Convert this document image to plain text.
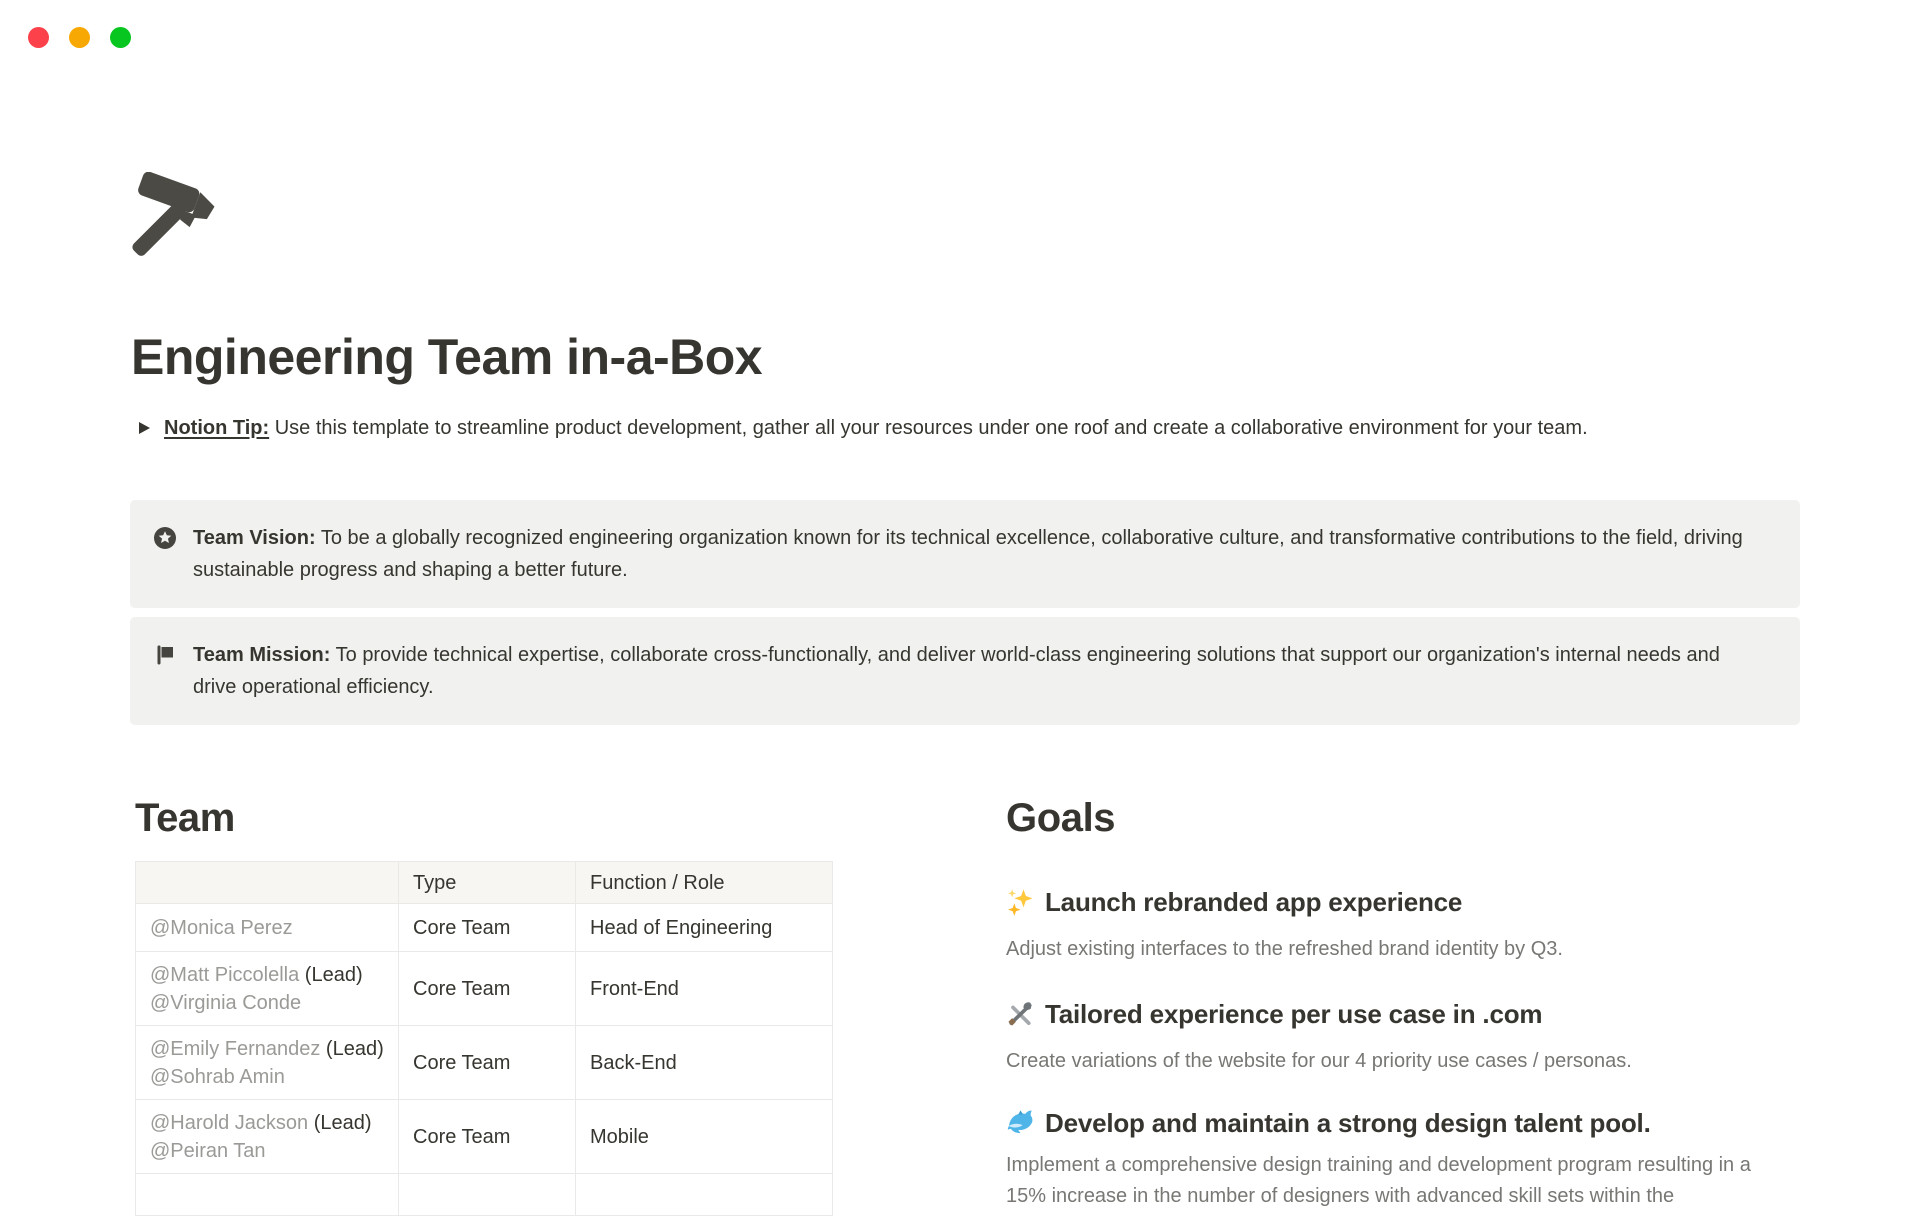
Engineering Team in-a-Box
Notion Tip: Use this template to streamline product development, gather all your resources under one roof and create a collaborative environment for your team.
Team Vision: To be a globally recognized engineering organization known for its technical excellence, collaborative culture, and transformative contributions to the field, driving sustainable progress and shaping a better future.
Team Mission: To provide technical expertise, collaborate cross-functionally, and deliver world-class engineering solutions that support our organization's internal needs and drive operational efficiency.
Team
	Type	Function / Role

@Monica Perez	Core Team	Head of Engineering

@Matt Piccolella (Lead)
@Virginia Conde	Core Team	Front-End

@Emily Fernandez (Lead)
@Sohrab Amin	Core Team	Back-End

@Harold Jackson (Lead)
@Peiran Tan	Core Team	Mobile

Goals
Launch rebranded app experience
Adjust existing interfaces to the refreshed brand identity by Q3.
Tailored experience per use case in .com
Create variations of the website for our 4 priority use cases / personas.
Develop and maintain a strong design talent pool.
Implement a comprehensive design training and development program resulting in a 15% increase in the number of designers with advanced skill sets within the
